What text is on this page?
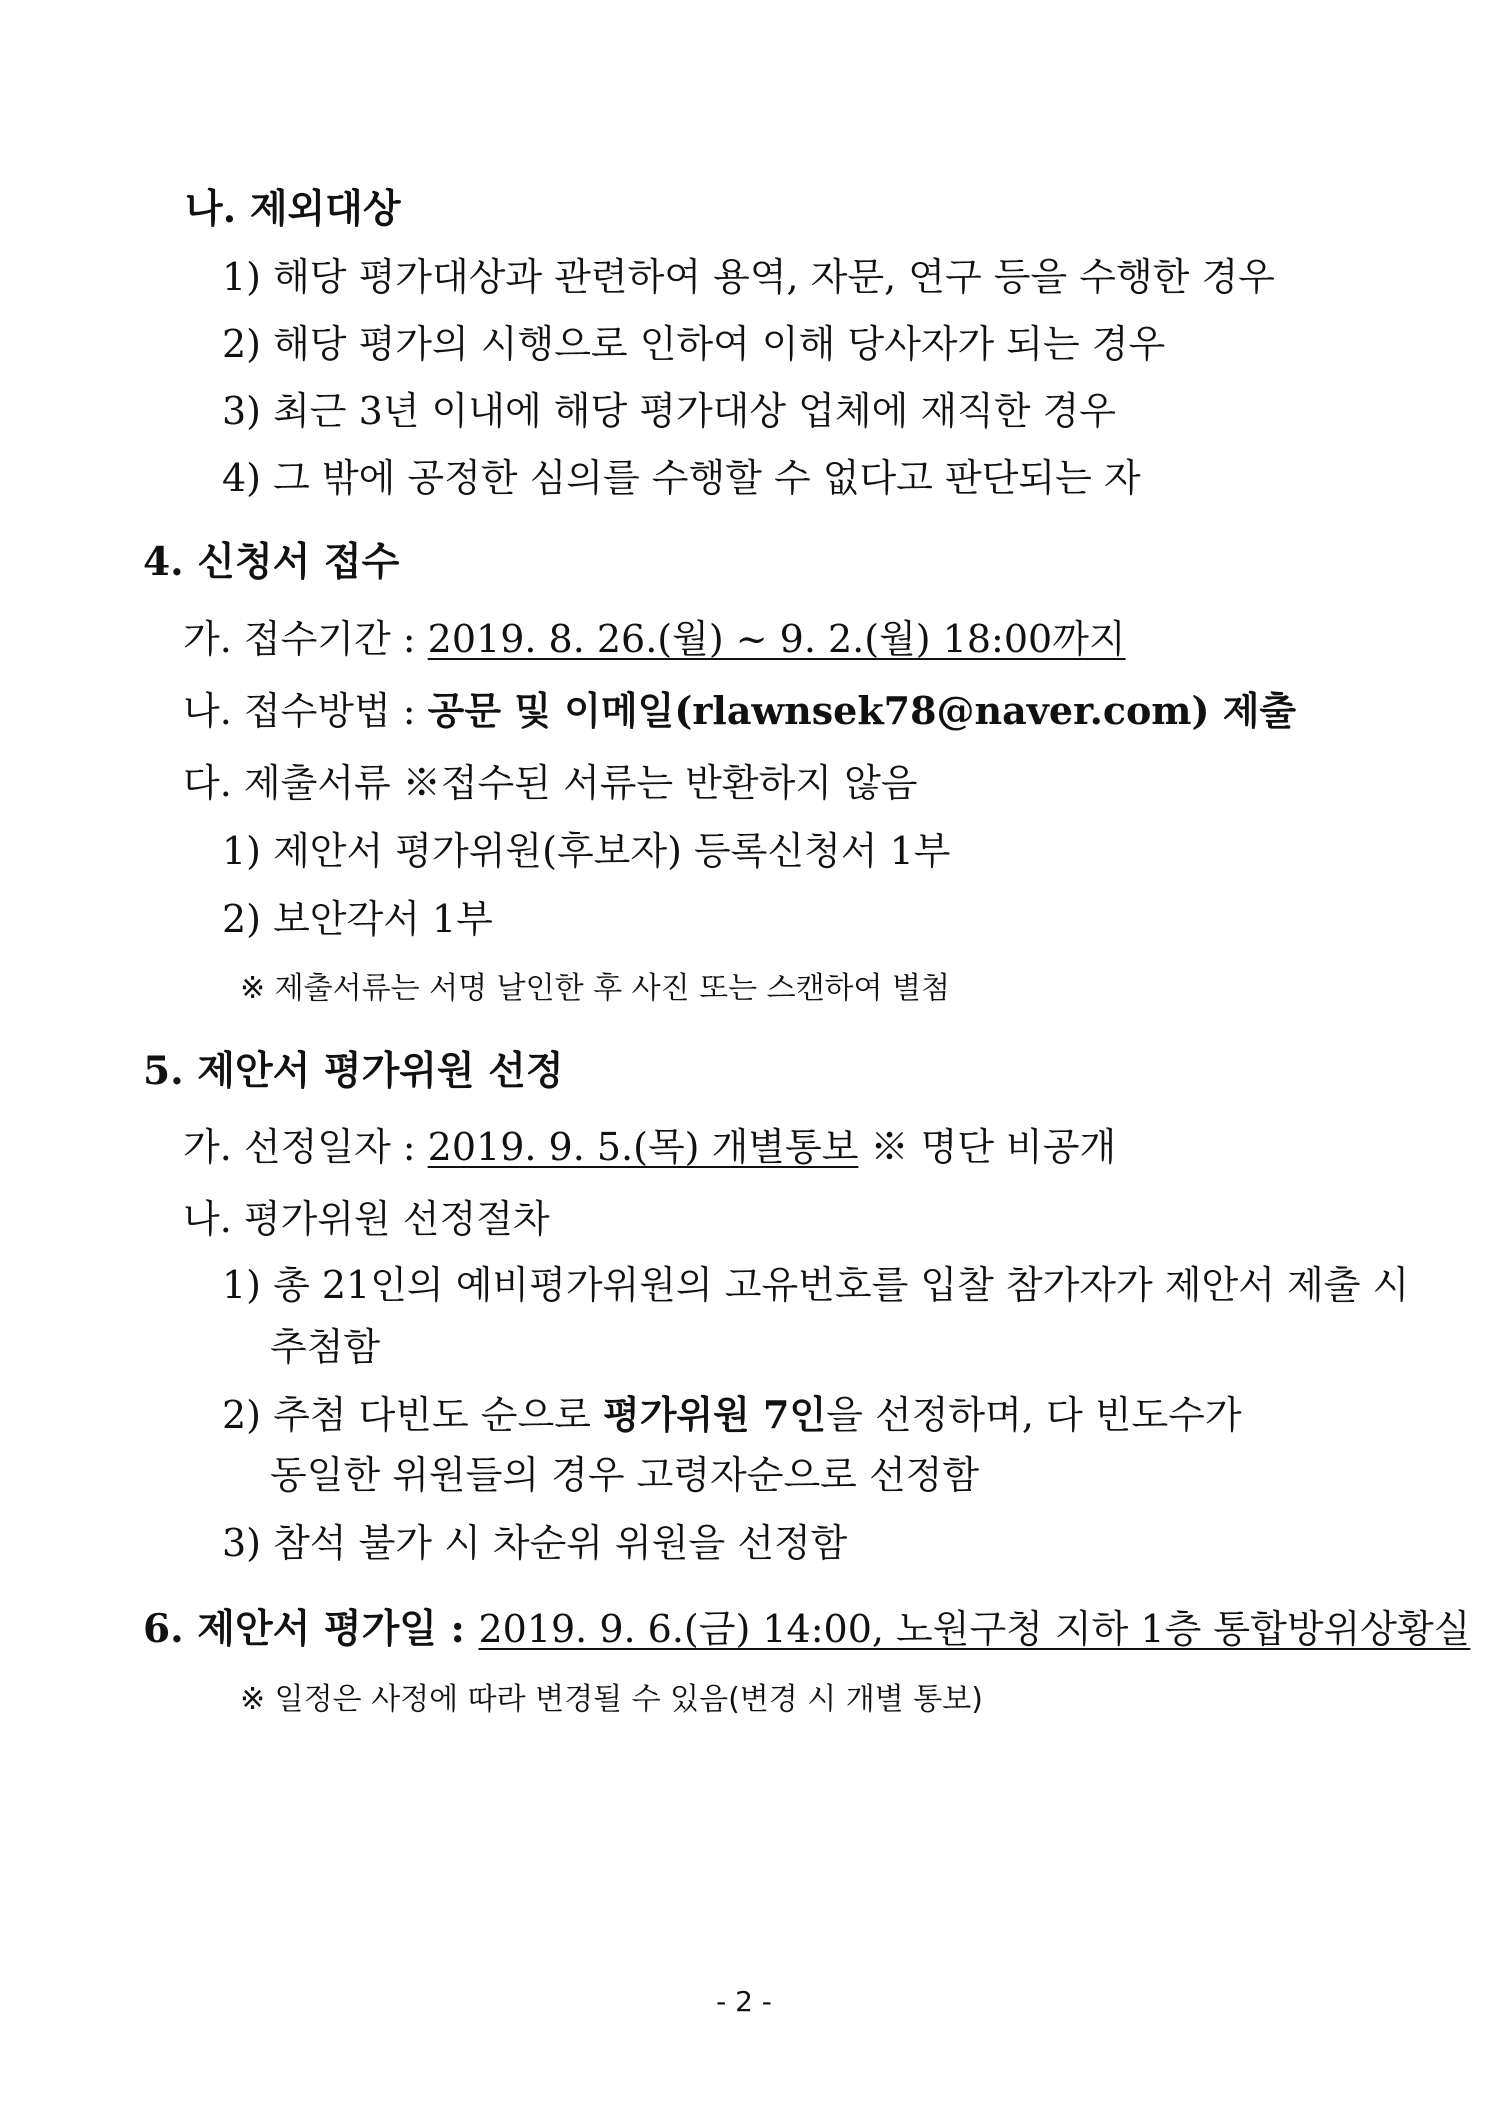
나. 제외대상
1) 해당 평가대상과 관련하여 용역, 자문, 연구 등을 수행한 경우
2) 해당 평가의 시행으로 인하여 이해 당사자가 되는 경우
3) 최근 3년 이내에 해당 평가대상 업체에 재직한 경우
4) 그 밖에 공정한 심의를 수행할 수 없다고 판단되는 자
4. 신청서 접수
가. 접수기간 : 2019. 8. 26.(월) ~ 9. 2.(월) 18:00까지
나. 접수방법 : 공문 및 이메일(rlawnsek78@naver.com) 제출
다. 제출서류 ※접수된 서류는 반환하지 않음
1) 제안서 평가위원(후보자) 등록신청서 1부
2) 보안각서 1부
※ 제출서류는 서명 날인한 후 사진 또는 스캔하여 별첨
5. 제안서 평가위원 선정
가. 선정일자 : 2019. 9. 5.(목) 개별통보 ※ 명단 비공개
나. 평가위원 선정절차
1) 총 21인의 예비평가위원의 고유번호를 입찰 참가자가 제안서 제출 시
추첨함
2) 추첨 다빈도 순으로 평가위원 7인을 선정하며, 다 빈도수가
동일한 위원들의 경우 고령자순으로 선정함
3) 참석 불가 시 차순위 위원을 선정함
6. 제안서 평가일 : 2019. 9. 6.(금) 14:00, 노원구청 지하 1층 통합방위상황실
※ 일정은 사정에 따라 변경될 수 있음(변경 시 개별 통보)
- 2 -
